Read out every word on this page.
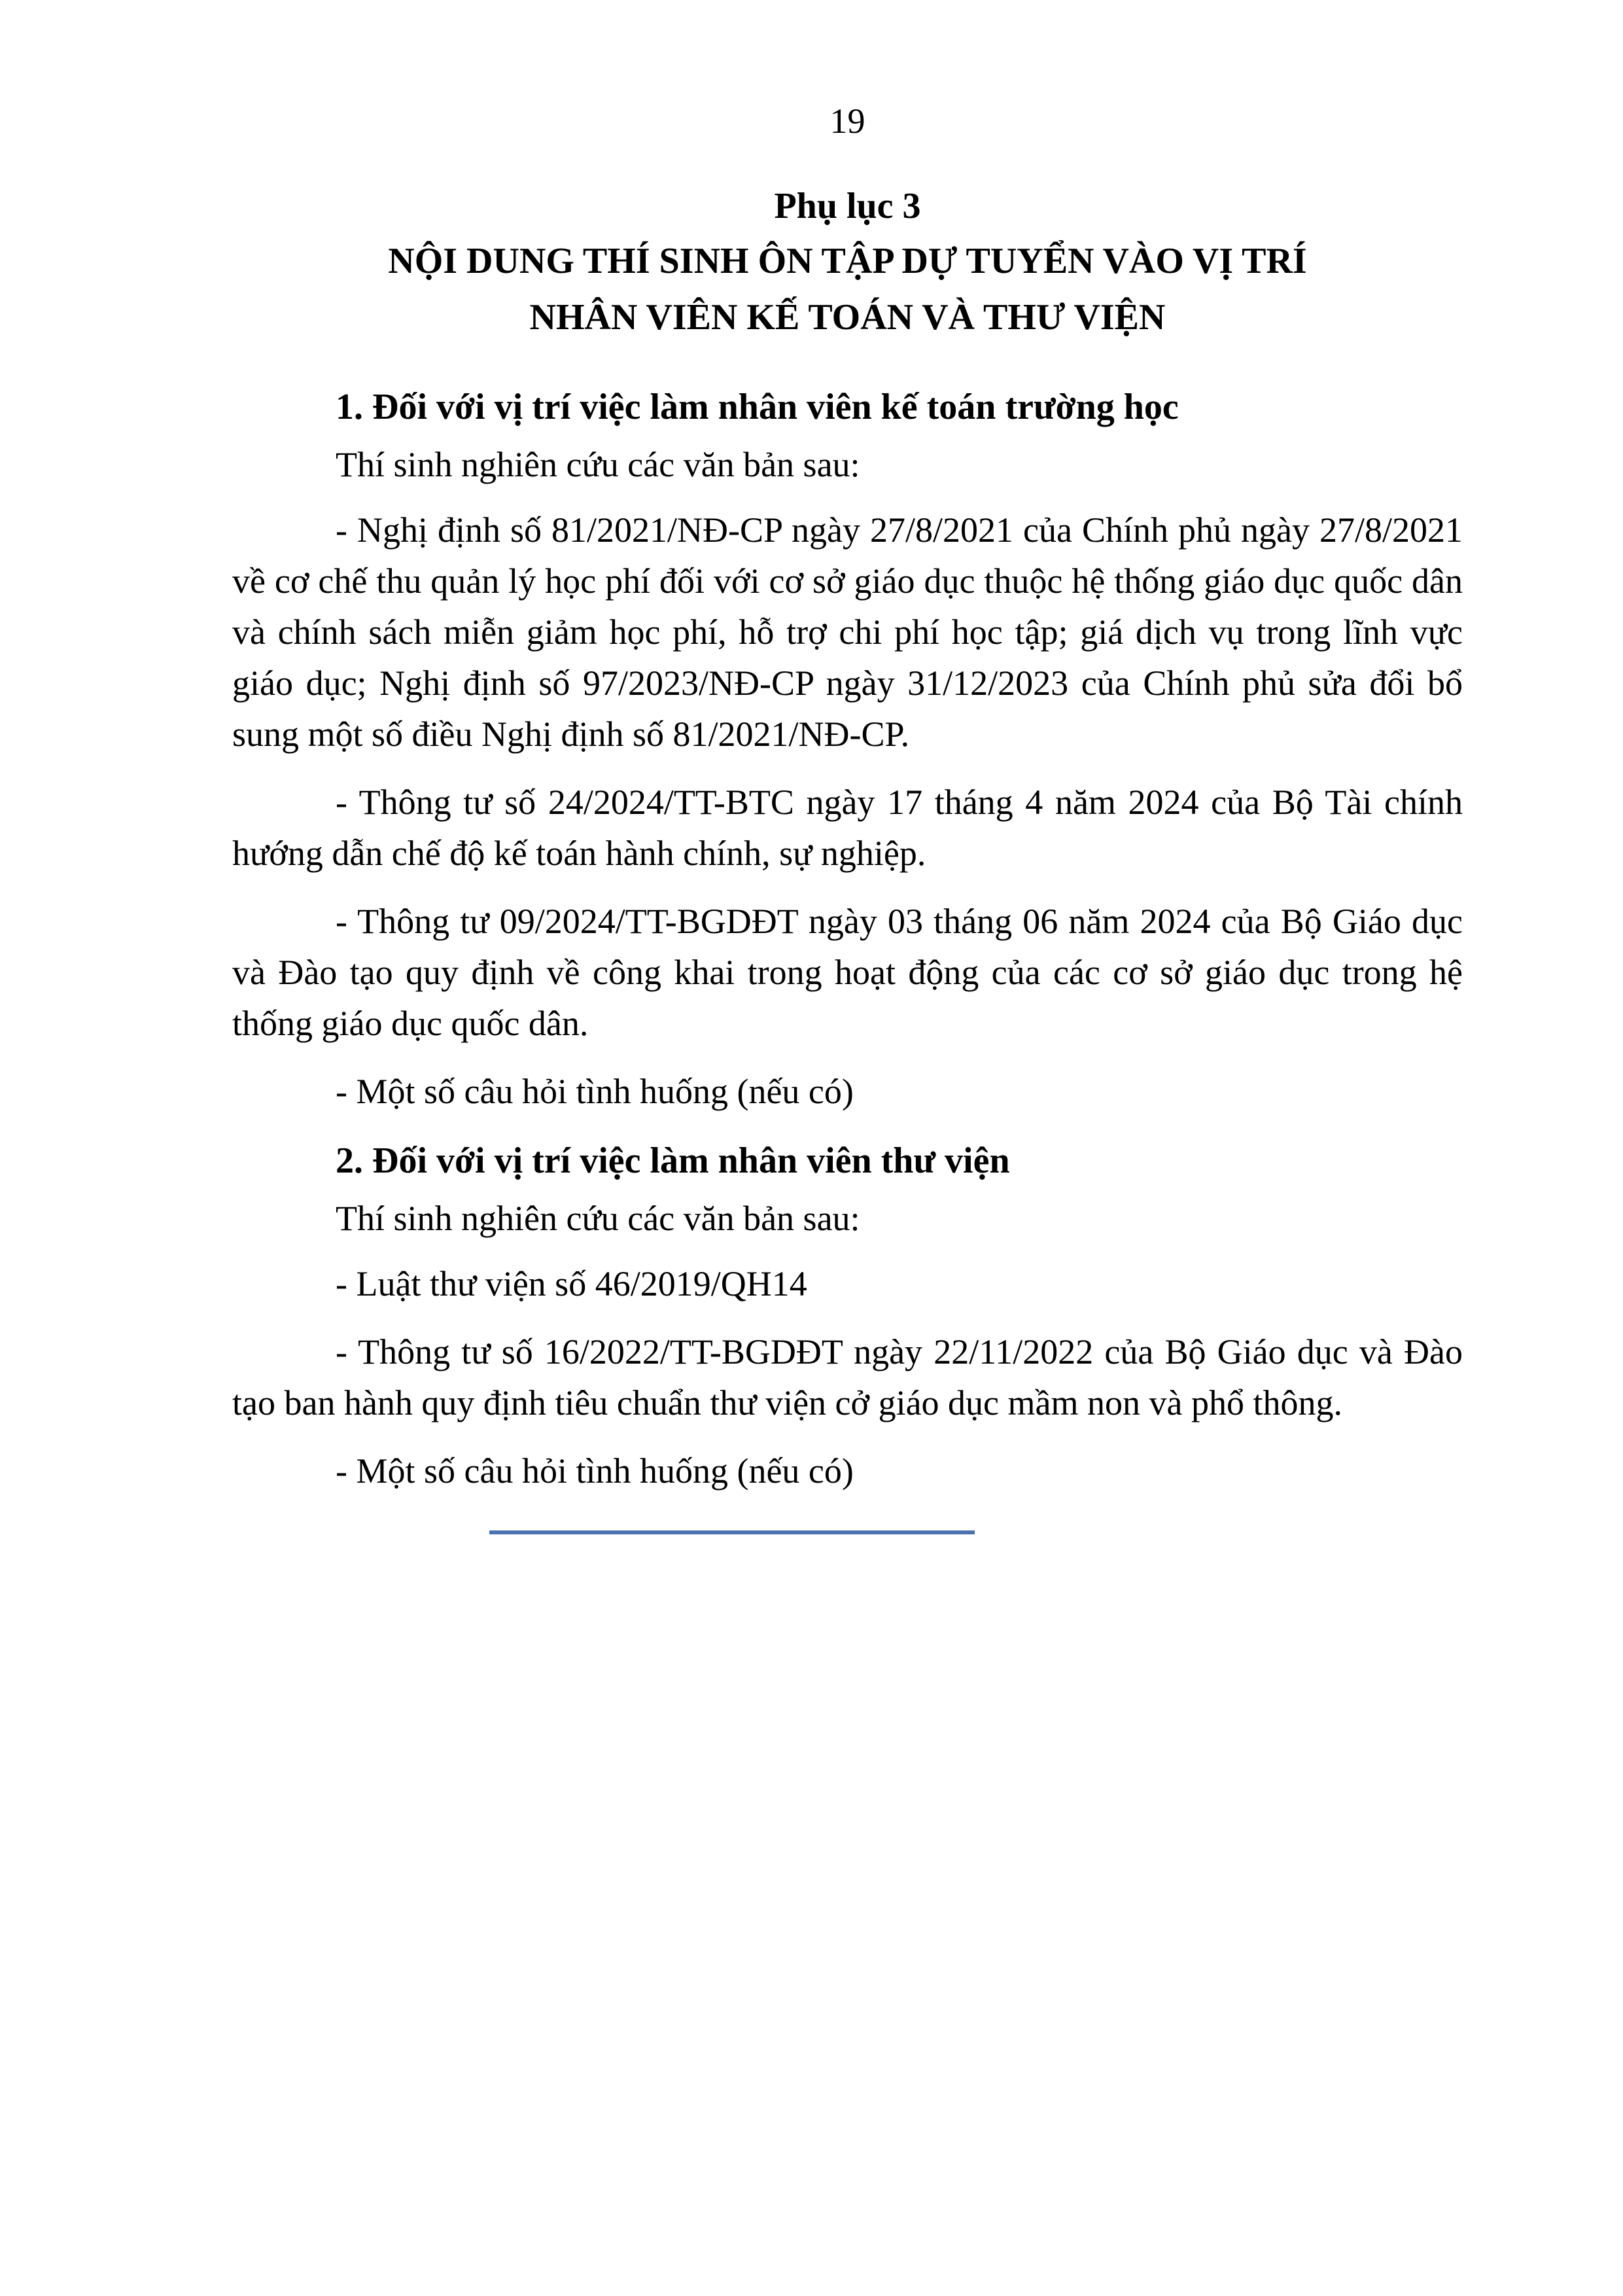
19
Phụ lục 3
NỘI DUNG THÍ SINH ÔN TẬP DỰ TUYỂN VÀO VỊ TRÍ
NHÂN VIÊN KẾ TOÁN VÀ THƯ VIỆN
1. Đối với vị trí việc làm nhân viên kế toán trường học
Thí sinh nghiên cứu các văn bản sau:
- Nghị định số 81/2021/NĐ-CP ngày 27/8/2021 của Chính phủ ngày 27/8/2021 về cơ chế thu quản lý học phí đối với cơ sở giáo dục thuộc hệ thống giáo dục quốc dân và chính sách miễn giảm học phí, hỗ trợ chi phí học tập; giá dịch vụ trong lĩnh vực giáo dục; Nghị định số 97/2023/NĐ-CP ngày 31/12/2023 của Chính phủ sửa đổi bổ sung một số điều Nghị định số 81/2021/NĐ-CP.
- Thông tư số 24/2024/TT-BTC ngày 17 tháng 4 năm 2024 của Bộ Tài chính hướng dẫn chế độ kế toán hành chính, sự nghiệp.
- Thông tư 09/2024/TT-BGDĐT ngày 03 tháng 06 năm 2024 của Bộ Giáo dục và Đào tạo quy định về công khai trong hoạt động của các cơ sở giáo dục trong hệ thống giáo dục quốc dân.
- Một số câu hỏi tình huống (nếu có)
2. Đối với vị trí việc làm nhân viên thư viện
Thí sinh nghiên cứu các văn bản sau:
- Luật thư viện số 46/2019/QH14
- Thông tư số 16/2022/TT-BGDĐT ngày 22/11/2022 của Bộ Giáo dục và Đào tạo ban hành quy định tiêu chuẩn thư viện cở giáo dục mầm non và phổ thông.
- Một số câu hỏi tình huống (nếu có)
